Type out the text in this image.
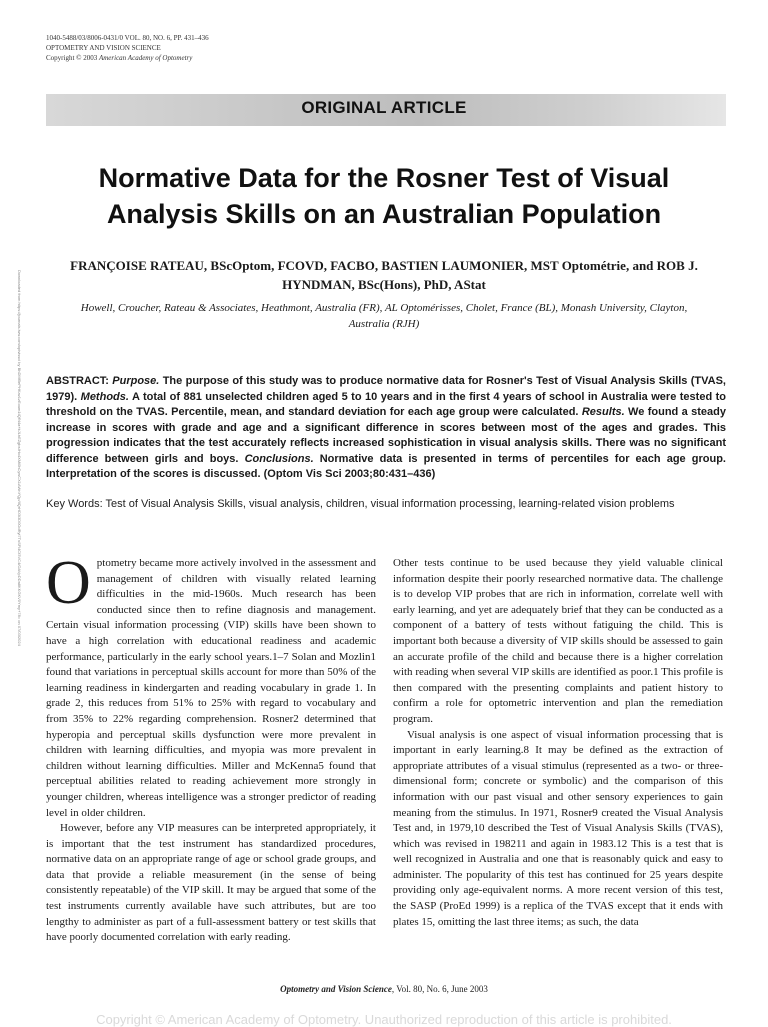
1040-5488/03/8006-0431/0 VOL. 80, NO. 6, PP. 431–436
OPTOMETRY AND VISION SCIENCE
Copyright © 2003 American Academy of Optometry
Downloaded from https://journals.lww.com/optvissci by BhDMf5ePHKav1zEoum1tQfN4a+kJLhEZgbsIHo4XMi0hCywCX1AWnYQp/IlQrHD3i3D0OdRyi7TvSFl4Cf3VC4/OAVpDDa8KKGKV0Ymy+78= on 07/03/2024
ORIGINAL ARTICLE
Normative Data for the Rosner Test of Visual Analysis Skills on an Australian Population
FRANÇOISE RATEAU, BScOptom, FCOVD, FACBO, BASTIEN LAUMONIER, MST Optométrie, and ROB J. HYNDMAN, BSc(Hons), PhD, AStat
Howell, Croucher, Rateau & Associates, Heathmont, Australia (FR), AL Optomérisses, Cholet, France (BL), Monash University, Clayton, Australia (RJH)
ABSTRACT: Purpose. The purpose of this study was to produce normative data for Rosner's Test of Visual Analysis Skills (TVAS, 1979). Methods. A total of 881 unselected children aged 5 to 10 years and in the first 4 years of school in Australia were tested to threshold on the TVAS. Percentile, mean, and standard deviation for each age group were calculated. Results. We found a steady increase in scores with grade and age and a significant difference in scores between most of the ages and grades. This progression indicates that the test accurately reflects increased sophistication in visual analysis skills. There was no significant difference between girls and boys. Conclusions. Normative data is presented in terms of percentiles for each age group. Interpretation of the scores is discussed. (Optom Vis Sci 2003;80:431–436)
Key Words: Test of Visual Analysis Skills, visual analysis, children, visual information processing, learning-related vision problems

Optometry became more actively involved in the assessment and management of children with visually related learning difficulties in the mid-1960s. Much research has been conducted since then to refine diagnosis and management. Certain visual information processing (VIP) skills have been shown to have a high correlation with educational readiness and academic performance, particularly in the early school years.1–7 Solan and Mozlin1 found that variations in perceptual skills account for more than 50% of the learning readiness in kindergarten and reading vocabulary in grade 1. In grade 2, this reduces from 51% to 25% with regard to vocabulary and from 35% to 22% regarding comprehension. Rosner2 determined that hyperopia and perceptual skills dysfunction were more prevalent in children with learning difficulties, and myopia was more prevalent in children without learning difficulties. Miller and McKenna5 found that perceptual abilities related to reading achievement more strongly in younger children, whereas intelligence was a stronger predictor of reading level in older children.

However, before any VIP measures can be interpreted appropriately, it is important that the test instrument has standardized procedures, normative data on an appropriate range of age or school grade groups, and data that provide a reliable measurement (in the sense of being consistently repeatable) of the VIP skill. It may be argued that some of the test instruments currently available have such attributes, but are too lengthy to administer as part of a full-assessment battery or test skills that have poorly documented correlation with early reading.

Other tests continue to be used because they yield valuable clinical information despite their poorly researched normative data. The challenge is to develop VIP probes that are rich in information, correlate well with early learning, and yet are adequately brief that they can be conducted as a component of a battery of tests without fatiguing the child. This is important both because a diversity of VIP skills should be assessed to gain an accurate profile of the child and because there is a higher correlation with reading when several VIP skills are identified as poor.1 This profile is then compared with the presenting complaints and patient history to confirm a role for optometric intervention and plan the remediation program.

Visual analysis is one aspect of visual information processing that is important in early learning.8 It may be defined as the extraction of appropriate attributes of a visual stimulus (represented as a two- or three-dimensional form; concrete or symbolic) and the comparison of this information with our past visual and other sensory experiences to gain meaning from the stimulus. In 1971, Rosner9 created the Visual Analysis Test and, in 1979,10 described the Test of Visual Analysis Skills (TVAS), which was revised in 198211 and again in 1983.12 This is a test that is well recognized in Australia and one that is reasonably quick and easy to administer. The popularity of this test has continued for 25 years despite providing only age-equivalent norms. A more recent version of this test, the SASP (ProEd 1999) is a replica of the TVAS except that it ends with plates 15, omitting the last three items; as such, the data

Optometry and Vision Science, Vol. 80, No. 6, June 2003
Copyright © American Academy of Optometry. Unauthorized reproduction of this article is prohibited.
